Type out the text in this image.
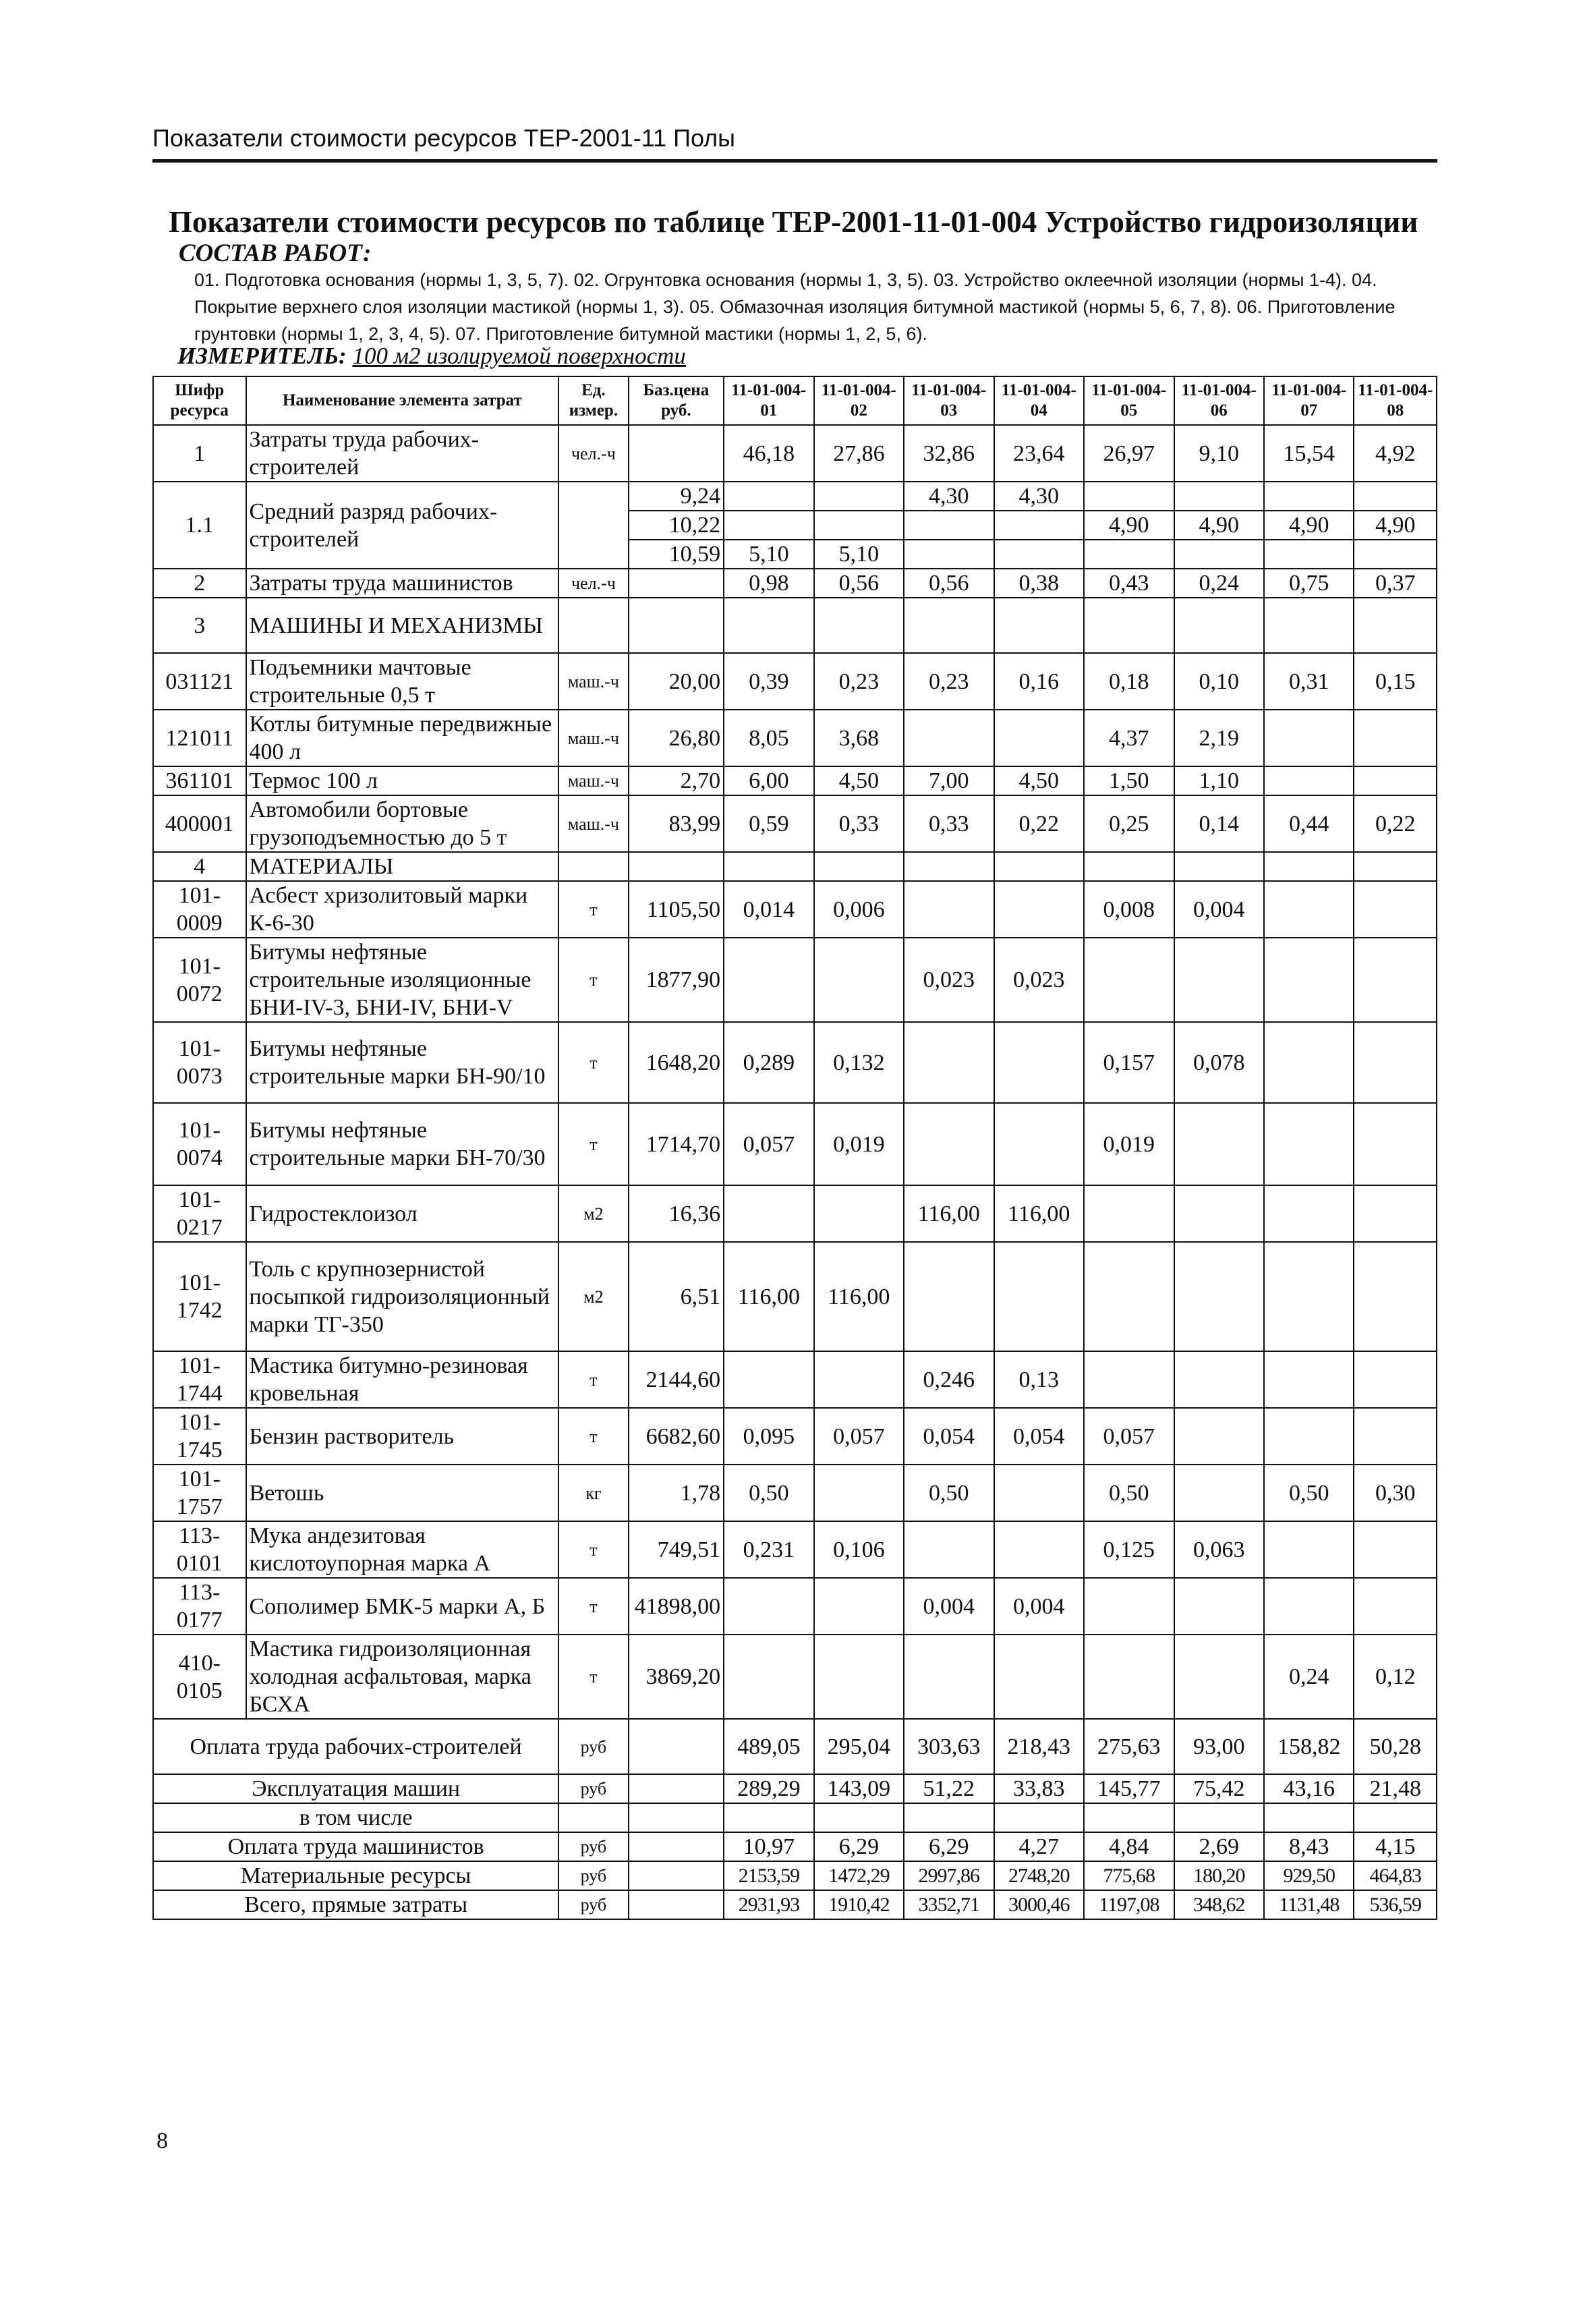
Показатели стоимости ресурсов ТЕР-2001-11 Полы
Показатели стоимости ресурсов по таблице ТЕР-2001-11-01-004 Устройство гидроизоляции
СОСТАВ РАБОТ:
01. Подготовка основания (нормы 1, 3, 5, 7). 02. Огрунтовка основания (нормы 1, 3, 5). 03. Устройство оклеечной изоляции (нормы 1-4). 04. Покрытие верхнего слоя изоляции мастикой (нормы 1, 3). 05. Обмазочная изоляция битумной мастикой (нормы 5, 6, 7, 8). 06. Приготовление грунтовки (нормы 1, 2, 3, 4, 5). 07. Приготовление битумной мастики (нормы 1, 2, 5, 6).
ИЗМЕРИТЕЛЬ: 100 м2 изолируемой поверхности
Шифр ресурса	Наименование элемента затрат	Ед. измер.	Баз.цена руб.	11-01-004-01	11-01-004-02	11-01-004-03	11-01-004-04	11-01-004-05	11-01-004-06	11-01-004-07	11-01-004-08
1	Затраты труда рабочих-строителей	чел.-ч		46,18	27,86	32,86	23,64	26,97	9,10	15,54	4,92
1.1	Средний разряд рабочих-строителей		9,24			4,30	4,30				
			10,22					4,90	4,90	4,90	4,90
			10,59	5,10	5,10						
2	Затраты труда машинистов	чел.-ч		0,98	0,56	0,56	0,38	0,43	0,24	0,75	0,37
3	МАШИНЫ И МЕХАНИЗМЫ										
031121	Подъемники мачтовые строительные 0,5 т	маш.-ч	20,00	0,39	0,23	0,23	0,16	0,18	0,10	0,31	0,15
121011	Котлы битумные передвижные 400 л	маш.-ч	26,80	8,05	3,68			4,37	2,19		
361101	Термос 100 л	маш.-ч	2,70	6,00	4,50	7,00	4,50	1,50	1,10		
400001	Автомобили бортовые грузоподъемностью до 5 т	маш.-ч	83,99	0,59	0,33	0,33	0,22	0,25	0,14	0,44	0,22
4	МАТЕРИАЛЫ										
101-0009	Асбест хризолитовый марки К-6-30	т	1105,50	0,014	0,006			0,008	0,004		
101-0072	Битумы нефтяные строительные изоляционные БНИ-IV-3, БНИ-IV, БНИ-V	т	1877,90			0,023	0,023				
101-0073	Битумы нефтяные строительные марки БН-90/10	т	1648,20	0,289	0,132			0,157	0,078		
101-0074	Битумы нефтяные строительные марки БН-70/30	т	1714,70	0,057	0,019			0,019			
101-0217	Гидростеклоизол	м2	16,36			116,00	116,00				
101-1742	Толь с крупнозернистой посыпкой гидроизоляционный марки ТГ-350	м2	6,51	116,00	116,00						
101-1744	Мастика битумно-резиновая кровельная	т	2144,60			0,246	0,13				
101-1745	Бензин растворитель	т	6682,60	0,095	0,057	0,054	0,054	0,057			
101-1757	Ветошь	кг	1,78	0,50		0,50		0,50		0,50	0,30
113-0101	Мука андезитовая кислотоупорная марка А	т	749,51	0,231	0,106			0,125	0,063		
113-0177	Сополимер БМК-5 марки А, Б	т	41898,00			0,004	0,004				
410-0105	Мастика гидроизоляционная холодная асфальтовая, марка БСХА	т	3869,20							0,24	0,12
Оплата труда рабочих-строителей		руб		489,05	295,04	303,63	218,43	275,63	93,00	158,82	50,28
Эксплуатация машин		руб		289,29	143,09	51,22	33,83	145,77	75,42	43,16	21,48
в том числе											
Оплата труда машинистов		руб		10,97	6,29	6,29	4,27	4,84	2,69	8,43	4,15
Материальные ресурсы		руб		2153,59	1472,29	2997,86	2748,20	775,68	180,20	929,50	464,83
Всего, прямые затраты		руб		2931,93	1910,42	3352,71	3000,46	1197,08	348,62	1131,48	536,59
8
